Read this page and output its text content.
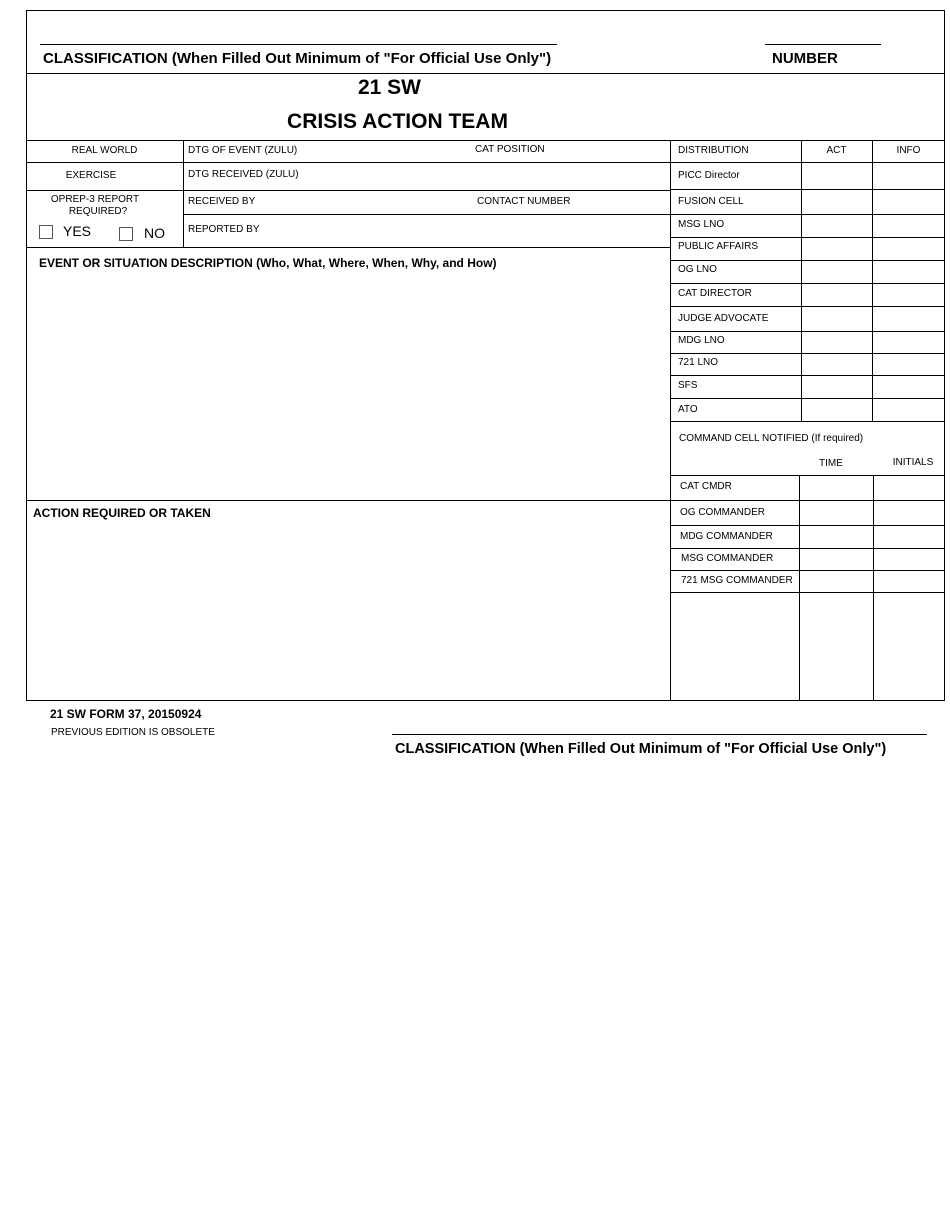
CLASSIFICATION (When Filled Out Minimum of "For Official Use Only")	NUMBER
21 SW
CRISIS ACTION TEAM
REAL WORLD	DTG OF EVENT (ZULU)	CAT POSITION
EXERCISE	DTG RECEIVED (ZULU)
OPREP-3 REPORT
REQUIRED?
YES	NO
RECEIVED BY	CONTACT NUMBER
REPORTED BY
EVENT OR SITUATION DESCRIPTION (Who, What, Where, When, Why, and How)
ACTION REQUIRED OR TAKEN
DISTRIBUTION	ACT	INFO
PICC Director
FUSION CELL
MSG LNO
PUBLIC AFFAIRS
OG LNO
CAT DIRECTOR
JUDGE ADVOCATE
MDG LNO
721 LNO
SFS
ATO
COMMAND CELL NOTIFIED (If required)
TIME	INITIALS
CAT CMDR
OG COMMANDER
MDG COMMANDER
MSG COMMANDER
721 MSG COMMANDER
21 SW FORM 37, 20150924
PREVIOUS EDITION IS OBSOLETE
CLASSIFICATION (When Filled Out Minimum of "For Official Use Only")
